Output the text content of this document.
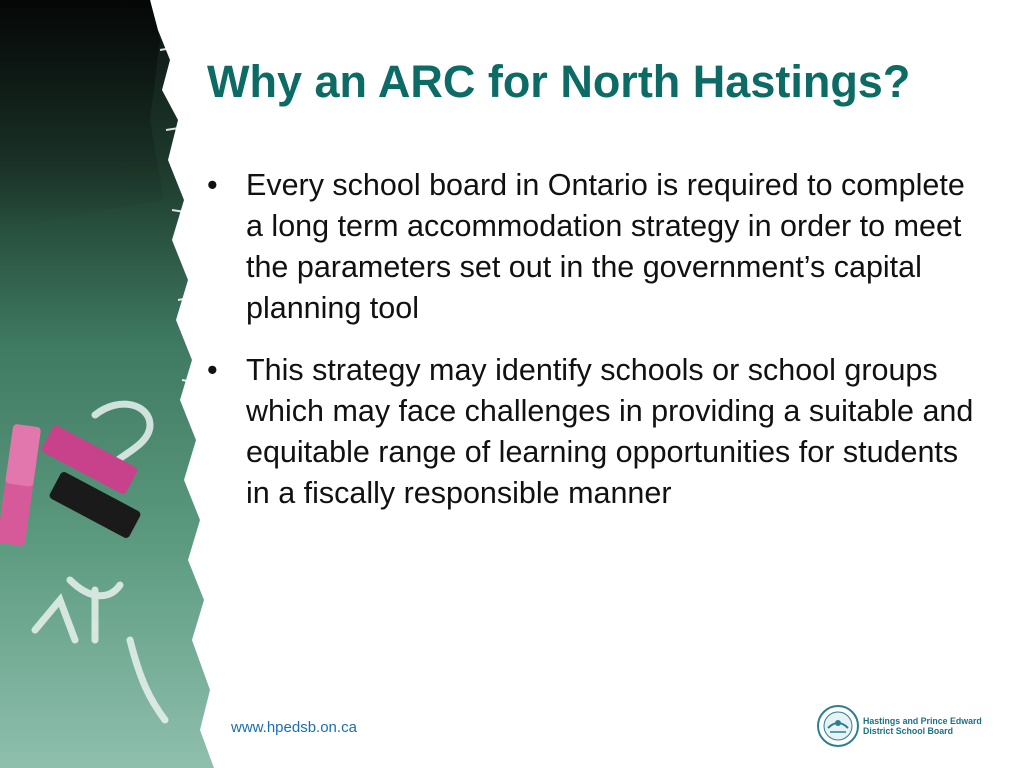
Why an ARC for North Hastings?
• Every school board in Ontario is required to complete a long term accommodation strategy in order to meet the parameters set out in the government’s capital planning tool
• This strategy may identify schools or school groups which may face challenges in providing a suitable and equitable range of learning opportunities for students in a fiscally responsible manner
www.hpedsb.on.ca	Hastings and Prince Edward
District School Board
